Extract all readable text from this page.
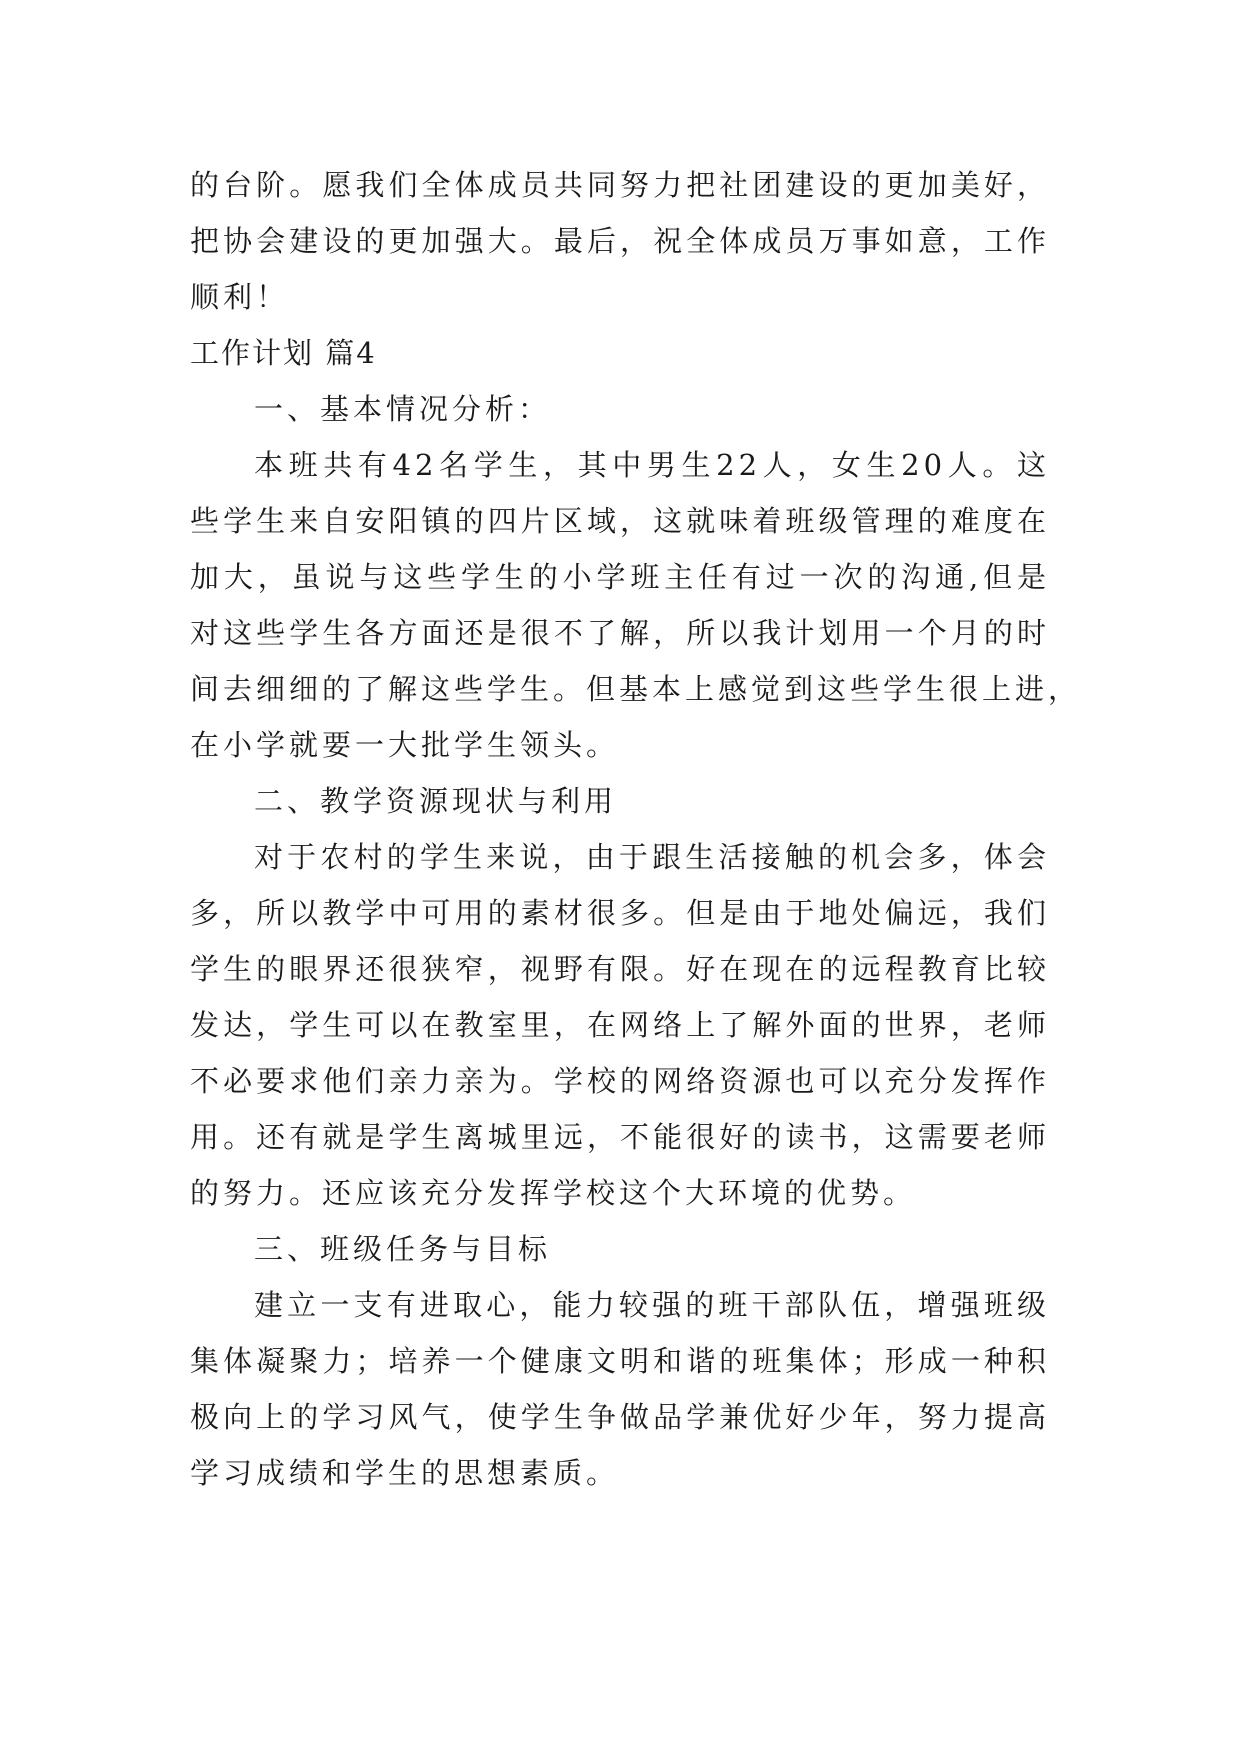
的台阶。愿我们全体成员共同努力把社团建设的更加美好，
把协会建设的更加强大。最后，祝全体成员万事如意，工作
顺利！
工作计划 篇4
一、基本情况分析：
本班共有42名学生，其中男生22人，女生20人。这
些学生来自安阳镇的四片区域，这就味着班级管理的难度在
加大，虽说与这些学生的小学班主任有过一次的沟通,但是
对这些学生各方面还是很不了解，所以我计划用一个月的时
间去细细的了解这些学生。但基本上感觉到这些学生很上进，
在小学就要一大批学生领头。
二、教学资源现状与利用
对于农村的学生来说，由于跟生活接触的机会多，体会
多，所以教学中可用的素材很多。但是由于地处偏远，我们
学生的眼界还很狭窄，视野有限。好在现在的远程教育比较
发达，学生可以在教室里，在网络上了解外面的世界，老师
不必要求他们亲力亲为。学校的网络资源也可以充分发挥作
用。还有就是学生离城里远，不能很好的读书，这需要老师
的努力。还应该充分发挥学校这个大环境的优势。
三、班级任务与目标
建立一支有进取心，能力较强的班干部队伍，增强班级
集体凝聚力；培养一个健康文明和谐的班集体；形成一种积
极向上的学习风气，使学生争做品学兼优好少年，努力提高
学习成绩和学生的思想素质。
